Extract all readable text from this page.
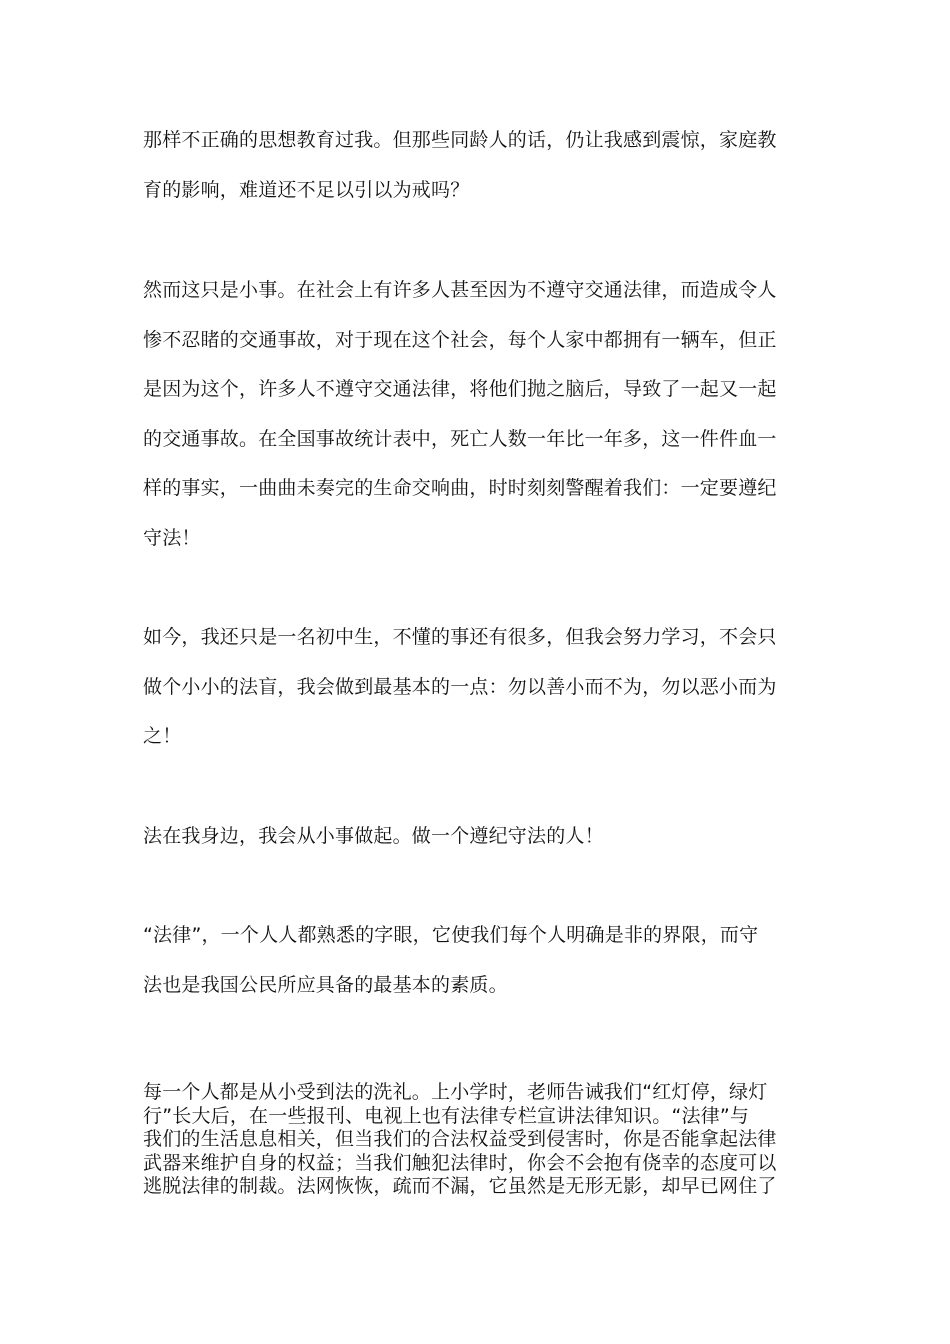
那样不正确的思想教育过我。但那些同龄人的话，仍让我感到震惊，家庭教
育的影响，难道还不足以引以为戒吗？
然而这只是小事。在社会上有许多人甚至因为不遵守交通法律，而造成令人
惨不忍睹的交通事故，对于现在这个社会，每个人家中都拥有一辆车，但正
是因为这个，许多人不遵守交通法律，将他们抛之脑后，导致了一起又一起
的交通事故。在全国事故统计表中，死亡人数一年比一年多，这一件件血一
样的事实，一曲曲未奏完的生命交响曲，时时刻刻警醒着我们：一定要遵纪
守法！
如今，我还只是一名初中生，不懂的事还有很多，但我会努力学习，不会只
做个小小的法盲，我会做到最基本的一点：勿以善小而不为，勿以恶小而为
之！
法在我身边，我会从小事做起。做一个遵纪守法的人！
“法律”，一个人人都熟悉的字眼，它使我们每个人明确是非的界限，而守
法也是我国公民所应具备的最基本的素质。
每一个人都是从小受到法的洗礼。上小学时，老师告诫我们“红灯停，绿灯
行”长大后，在一些报刊、电视上也有法律专栏宣讲法律知识。“法律”与
我们的生活息息相关，但当我们的合法权益受到侵害时，你是否能拿起法律
武器来维护自身的权益；当我们触犯法律时，你会不会抱有侥幸的态度可以
逃脱法律的制裁。法网恢恢，疏而不漏，它虽然是无形无影，却早已网住了
